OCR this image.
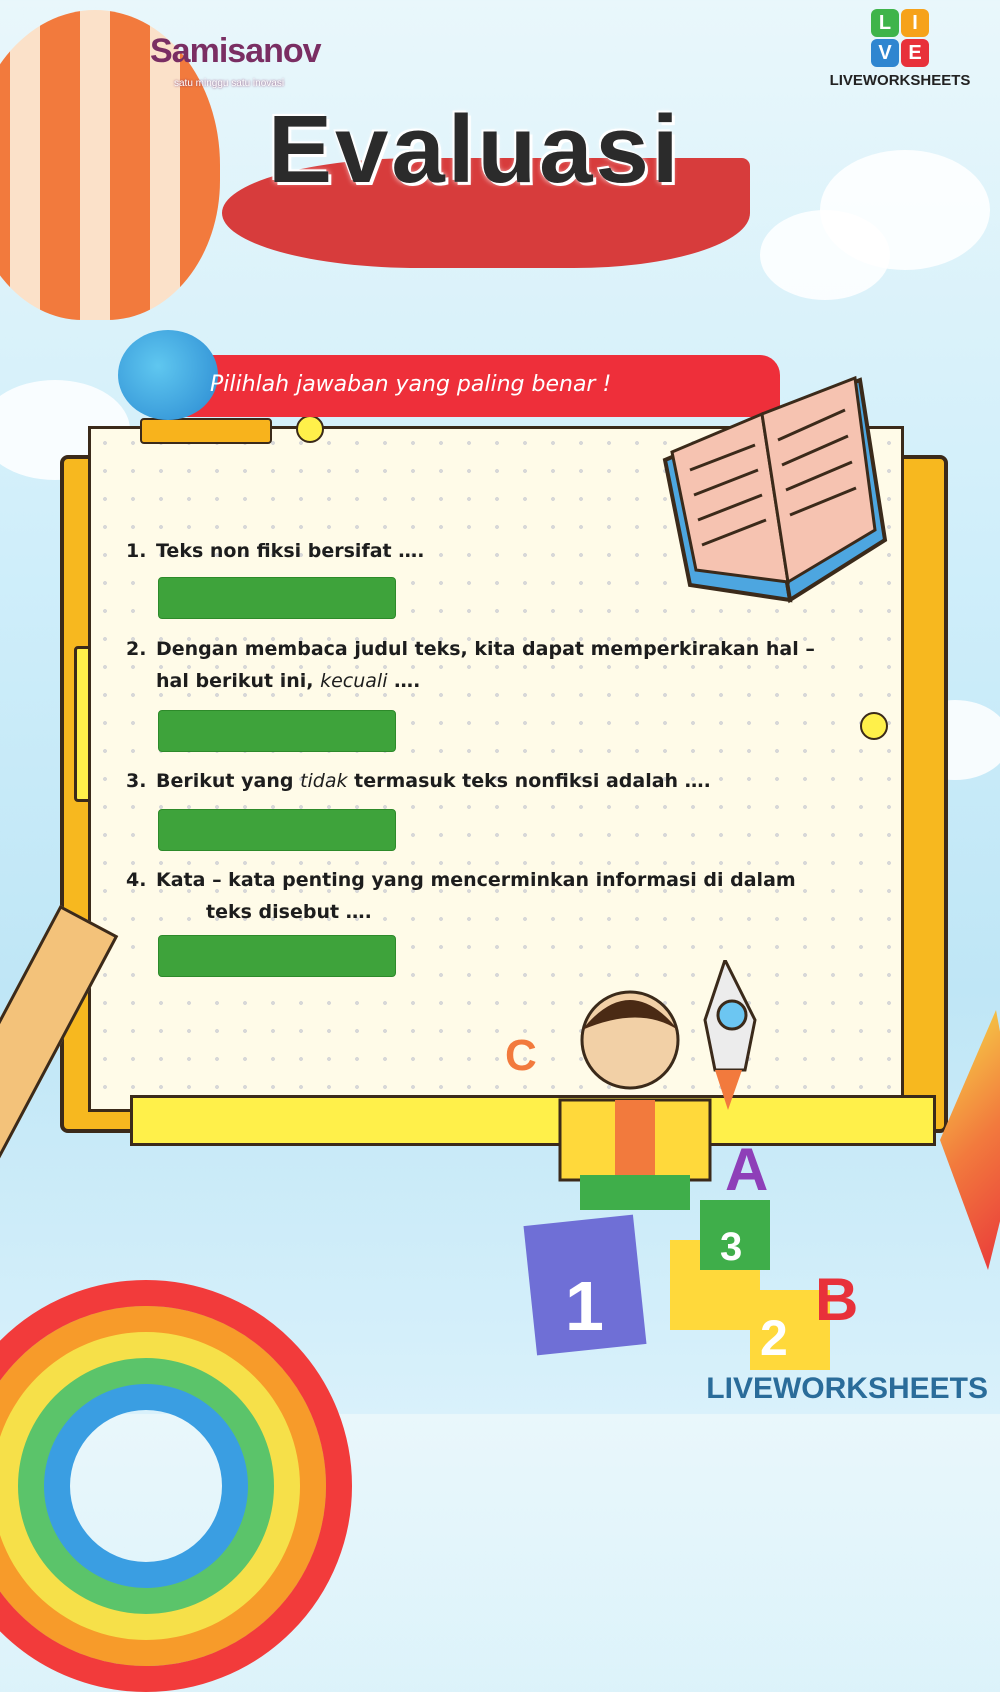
Samisanov
satu minggu satu inovasi
L I
V E
LIVEWORKSHEETS
Evaluasi
Pilihlah jawaban yang paling benar !
1. Teks non fiksi bersifat ….
2. Dengan membaca judul teks, kita dapat memperkirakan hal –
hal berikut ini, kecuali ….
3. Berikut yang tidak termasuk teks nonfiksi adalah ….
4. Kata – kata penting yang mencerminkan informasi di dalam
teks disebut ….
C
A
B
1	2
3
LIVEWORKSHEETS
